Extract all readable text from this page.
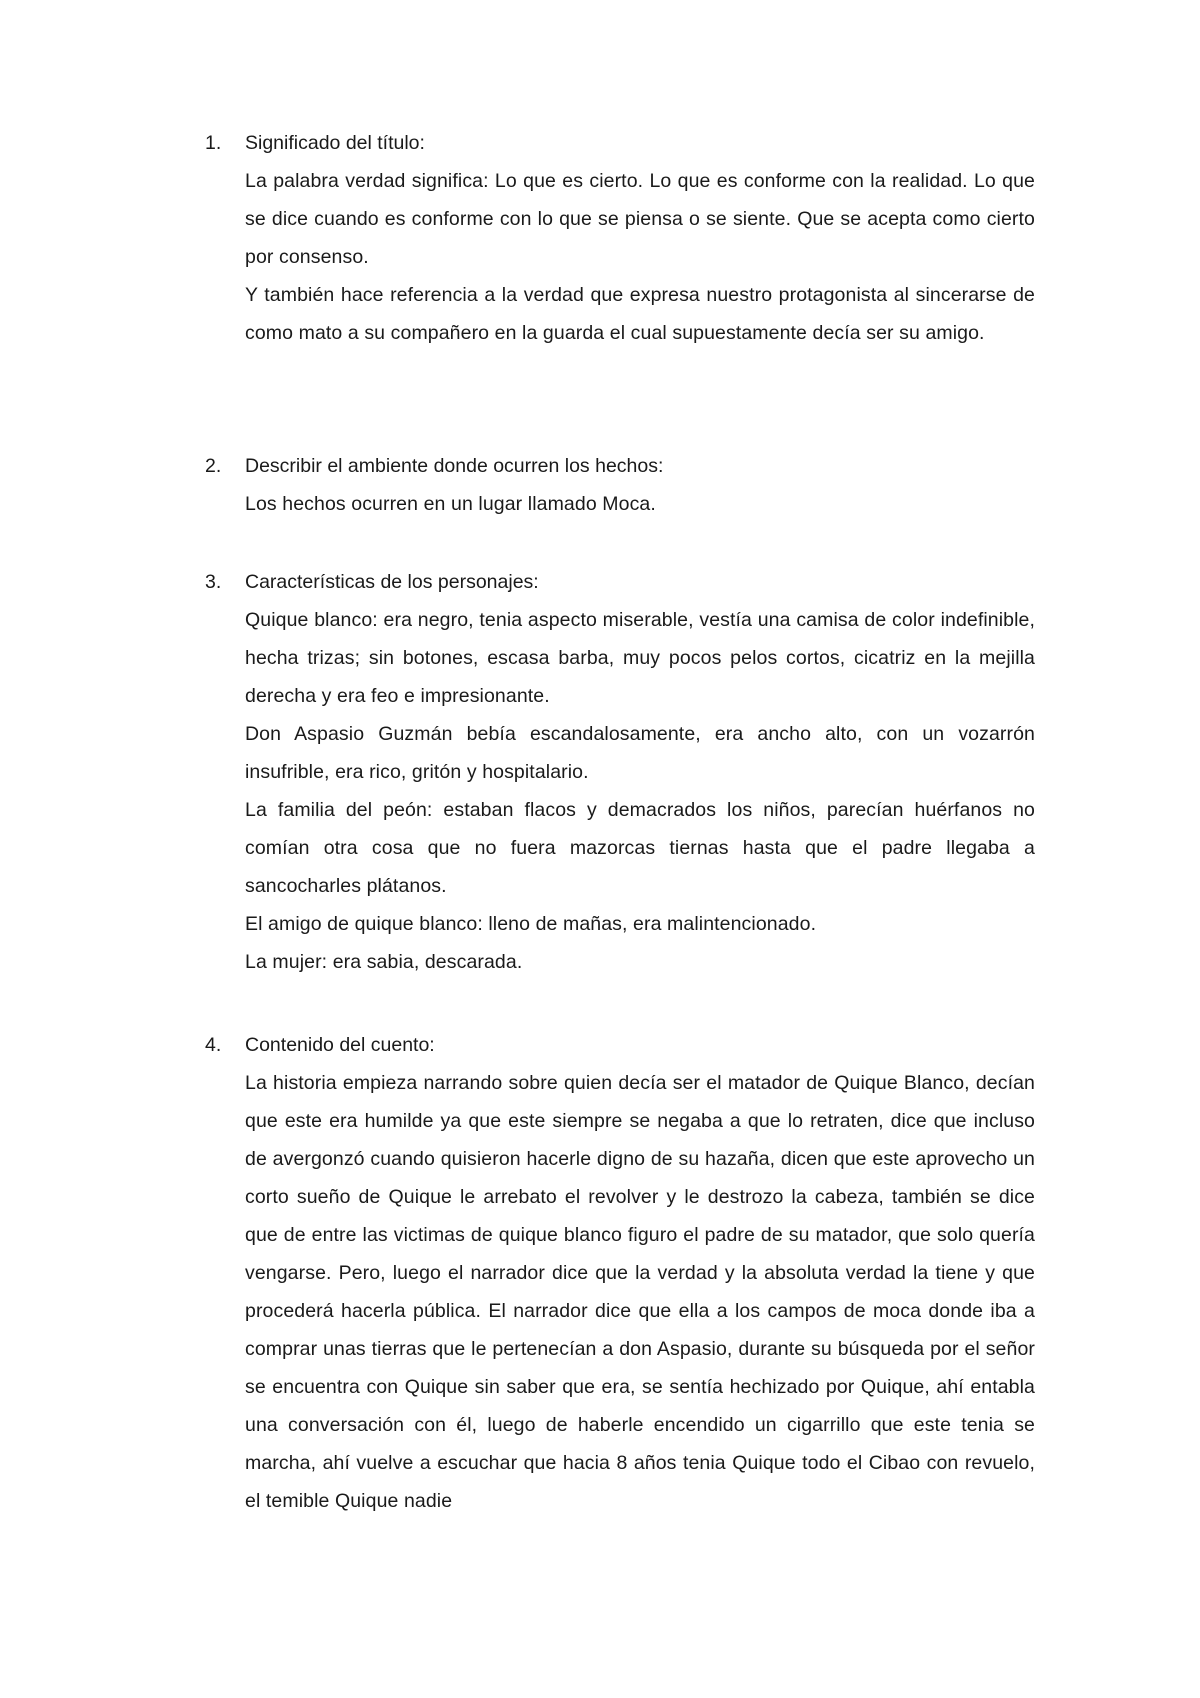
1.	Significado del título:

La palabra verdad significa: Lo que es cierto. Lo que es conforme con la realidad. Lo que se dice cuando es conforme con lo que se piensa o se siente. Que se acepta como cierto por consenso.

Y también hace referencia a la verdad que expresa nuestro protagonista al sincerarse de como mato a su compañero en la guarda el cual supuestamente decía ser su amigo.

2.	Describir el ambiente donde ocurren los hechos:

Los hechos ocurren en un lugar llamado Moca.

3.	Características de los personajes:

Quique blanco: era negro, tenia aspecto miserable, vestía una camisa de color indefinible, hecha trizas; sin botones, escasa barba, muy pocos pelos cortos, cicatriz en la mejilla derecha y era feo e impresionante.

Don Aspasio Guzmán bebía escandalosamente, era ancho alto, con un vozarrón insufrible, era rico, gritón y hospitalario.

La familia del peón: estaban flacos y demacrados los niños, parecían huérfanos no comían otra cosa que no fuera mazorcas tiernas hasta que el padre llegaba a sancocharles plátanos.

El amigo de quique blanco: lleno de mañas, era malintencionado.

La mujer: era sabia, descarada.

4.	Contenido del cuento:

La historia empieza narrando sobre quien decía ser el matador de Quique Blanco, decían que este era humilde ya que este siempre se negaba a que lo retraten, dice que incluso de avergonzó cuando quisieron hacerle digno de su hazaña, dicen que este aprovecho un corto sueño de Quique le arrebato el revolver y le destrozo la cabeza, también se dice que de entre las victimas de quique blanco figuro el padre de su matador, que solo quería vengarse. Pero, luego el narrador dice que la verdad y la absoluta verdad la tiene y que procederá hacerla pública. El narrador dice que ella a los campos de moca donde iba a comprar unas tierras que le pertenecían a don Aspasio, durante su búsqueda por el señor se encuentra con Quique sin saber que era, se sentía hechizado por Quique, ahí entabla una conversación con él, luego de haberle encendido un cigarrillo que este tenia se marcha, ahí vuelve a escuchar que hacia 8 años tenia Quique todo el Cibao con revuelo, el temible Quique nadie
